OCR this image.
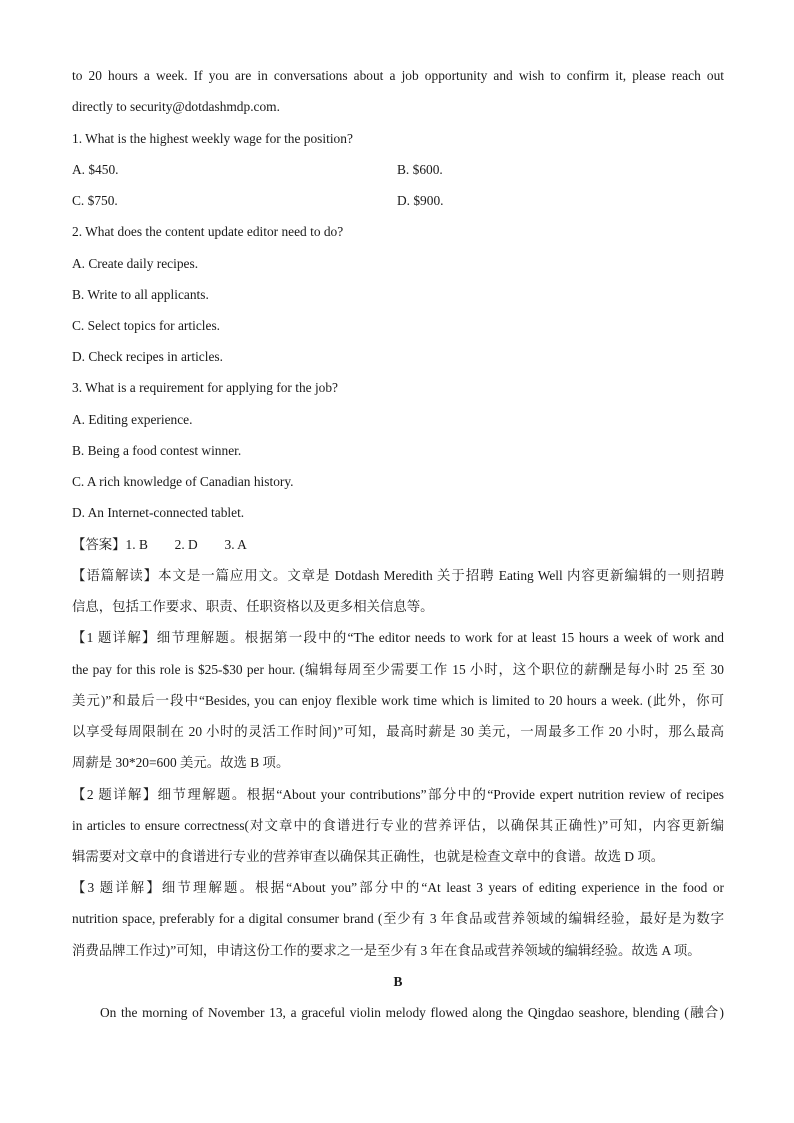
to 20 hours a week. If you are in conversations about a job opportunity and wish to confirm it, please reach out
directly to security@dotdashmdp.com.
1. What is the highest weekly wage for the position?
A. $450.	B. $600.
C. $750.	D. $900.
2. What does the content update editor need to do?
A. Create daily recipes.
B. Write to all applicants.
C. Select topics for articles.
D. Check recipes in articles.
3. What is a requirement for applying for the job?
A. Editing experience.
B. Being a food contest winner.
C. A rich knowledge of Canadian history.
D. An Internet-connected tablet.
【答案】1. B        2. D        3. A
【语篇解读】本文是一篇应用文。文章是 Dotdash Meredith 关于招聘 Eating Well 内容更新编辑的一则招聘
信息，包括工作要求、职责、任职资格以及更多相关信息等。
【1 题详解】细节理解题。根据第一段中的“The editor needs to work for at least 15 hours a week of work and
the pay for this role is $25-$30 per hour. (编辑每周至少需要工作 15 小时，这个职位的薪酬是每小时 25 至 30
美元)”和最后一段中“Besides, you can enjoy flexible work time which is limited to 20 hours a week. (此外，你可
以享受每周限制在 20 小时的灵活工作时间)”可知，最高时薪是 30 美元，一周最多工作 20 小时，那么最高
周薪是 30*20=600 美元。故选 B 项。
【2 题详解】细节理解题。根据“About your contributions”部分中的“Provide expert nutrition review of recipes
in articles to ensure correctness(对文章中的食谱进行专业的营养评估，以确保其正确性)”可知，内容更新编
辑需要对文章中的食谱进行专业的营养审查以确保其正确性，也就是检查文章中的食谱。故选 D 项。
【3 题详解】细节理解题。根据“About you”部分中的“At least 3 years of editing experience in the food or
nutrition space, preferably for a digital consumer brand (至少有 3 年食品或营养领域的编辑经验，最好是为数字
消费品牌工作过)”可知，申请这份工作的要求之一是至少有 3 年在食品或营养领域的编辑经验。故选 A 项。
B
On the morning of November 13, a graceful violin melody flowed along the Qingdao seashore, blending (融合)
